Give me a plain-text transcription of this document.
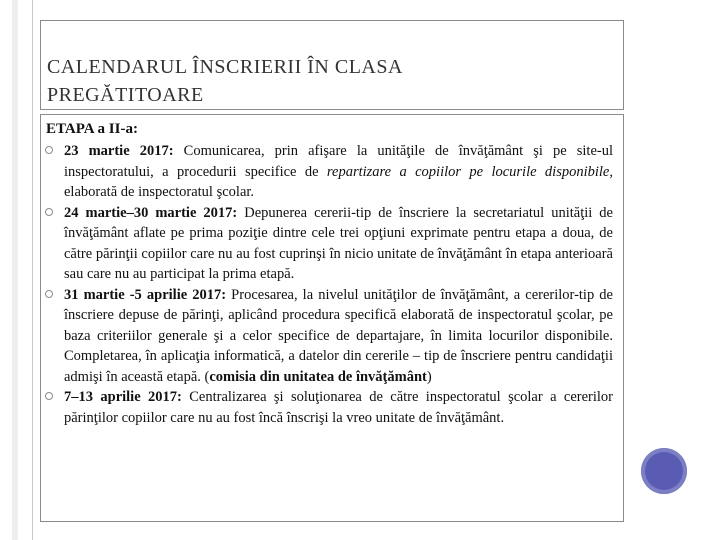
CALENDARUL ÎNSCRIERII ÎN CLASA
PREGĂTITOARE
ETAPA a II-a:
23 martie 2017: Comunicarea, prin afişare la unităţile de învăţământ şi pe site-ul inspectoratului, a procedurii specifice de repartizare a copiilor pe locurile disponibile, elaborată de inspectoratul şcolar.
24 martie–30 martie 2017: Depunerea cererii-tip de înscriere la secretariatul unităţii de învăţământ aflate pe prima poziţie dintre cele trei opţiuni exprimate pentru etapa a doua, de către părinţii copiilor care nu au fost cuprinşi în nicio unitate de învăţământ în etapa anterioară sau care nu au participat la prima etapă.
31 martie -5 aprilie 2017: Procesarea, la nivelul unităţilor de învăţământ, a cererilor-tip de înscriere depuse de părinţi, aplicând procedura specifică elaborată de inspectoratul şcolar, pe baza criteriilor generale şi a celor specifice de departajare, în limita locurilor disponibile. Completarea, în aplicaţia informatică, a datelor din cererile – tip de înscriere pentru candidaţii admişi în această etapă. (comisia din unitatea de învăţământ)
7–13 aprilie 2017: Centralizarea şi soluţionarea de către inspectoratul şcolar a cererilor părinţilor copiilor care nu au fost încă înscrişi la vreo unitate de învăţământ.
